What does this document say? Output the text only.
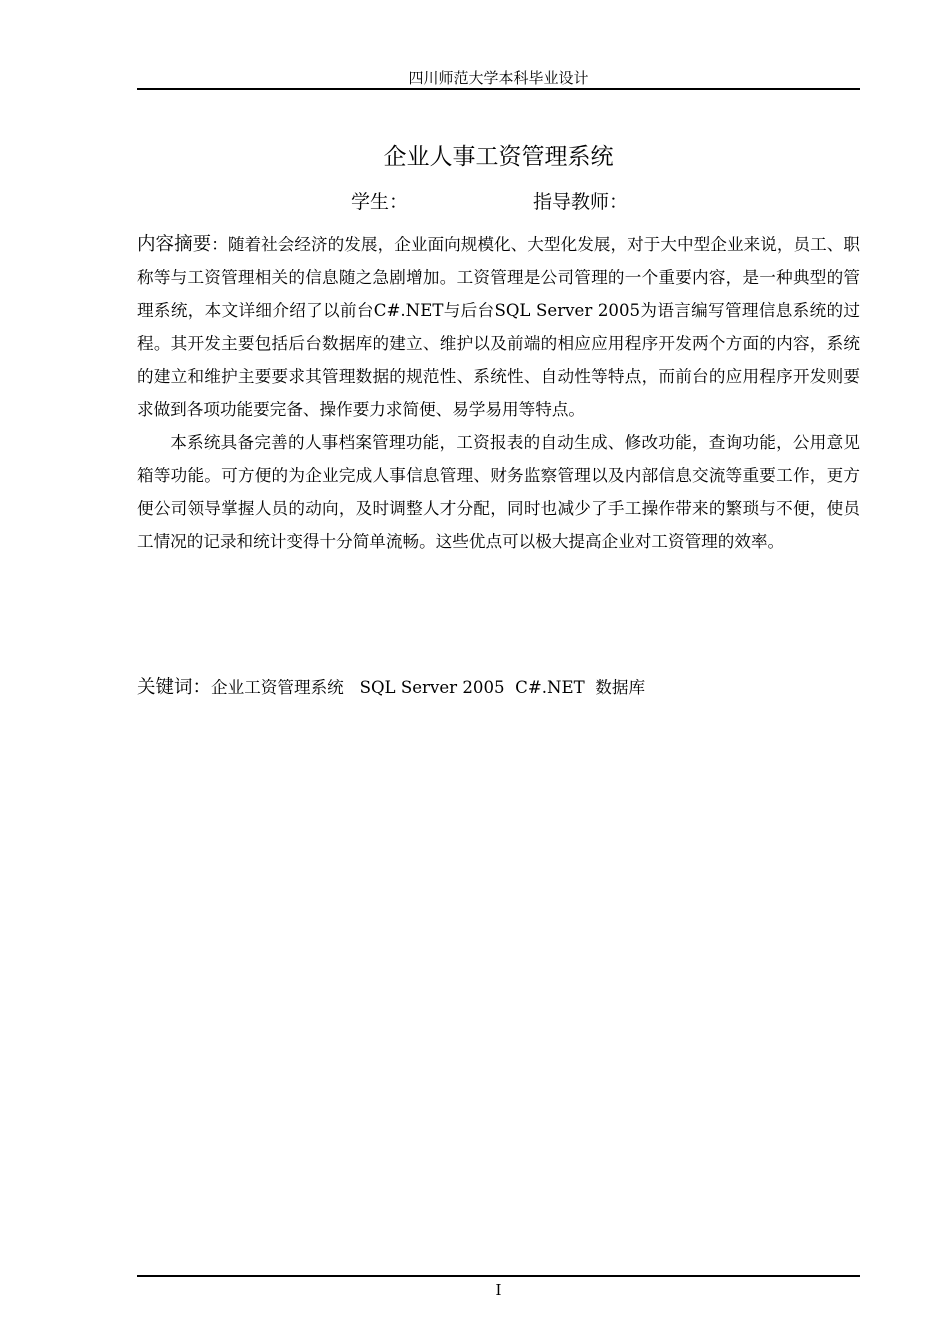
四川师范大学本科毕业设计
企业人事工资管理系统
学生：	指导教师：

内容摘要：随着社会经济的发展，企业面向规模化、大型化发展，对于大中型企业来说，员工、职称等与工资管理相关的信息随之急剧增加。工资管理是公司管理的一个重要内容，是一种典型的管理系统，本文详细介绍了以前台C#.NET与后台SQL Server 2005为语言编写管理信息系统的过程。其开发主要包括后台数据库的建立、维护以及前端的相应应用程序开发两个方面的内容，系统的建立和维护主要要求其管理数据的规范性、系统性、自动性等特点，而前台的应用程序开发则要求做到各项功能要完备、操作要力求简便、易学易用等特点。

本系统具备完善的人事档案管理功能，工资报表的自动生成、修改功能，查询功能，公用意见箱等功能。可方便的为企业完成人事信息管理、财务监察管理以及内部信息交流等重要工作，更方便公司领导掌握人员的动向，及时调整人才分配，同时也减少了手工操作带来的繁琐与不便，使员工情况的记录和统计变得十分简单流畅。这些优点可以极大提高企业对工资管理的效率。

关键词：企业工资管理系统   SQL Server 2005  C#.NET  数据库
I
